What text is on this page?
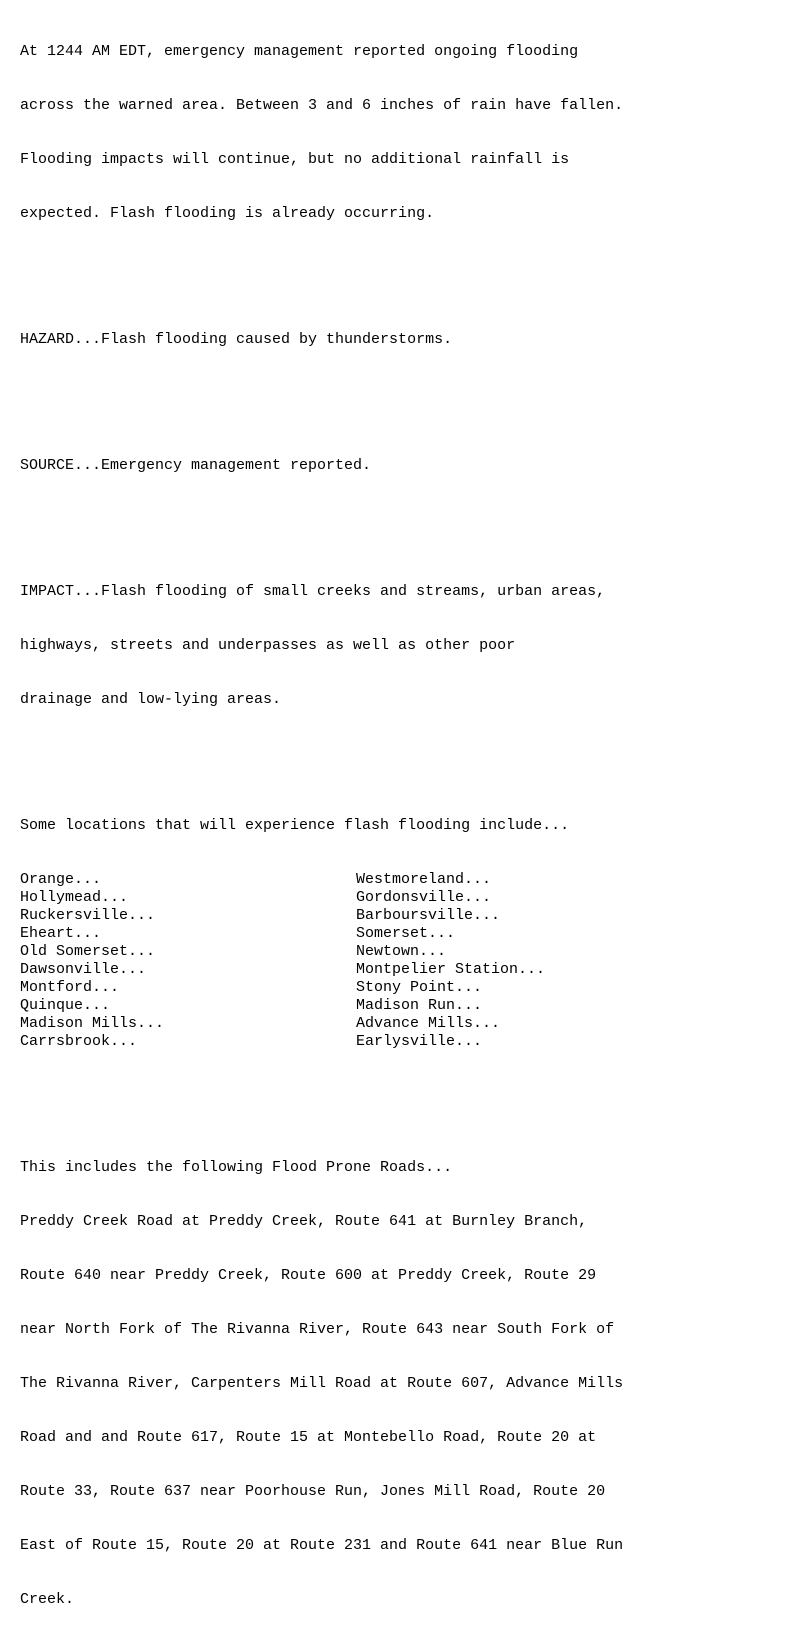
At 1244 AM EDT, emergency management reported ongoing flooding

across the warned area. Between 3 and 6 inches of rain have fallen.

Flooding impacts will continue, but no additional rainfall is

expected. Flash flooding is already occurring.

HAZARD...Flash flooding caused by thunderstorms.

SOURCE...Emergency management reported.

IMPACT...Flash flooding of small creeks and streams, urban areas,

highways, streets and underpasses as well as other poor

drainage and low-lying areas.

Some locations that will experience flash flooding include...

Orange...	Westmoreland...
Hollymead...	Gordonsville...
Ruckersville...	Barboursville...
Eheart...	Somerset...
Old Somerset...	Newtown...
Dawsonville...	Montpelier Station...
Montford...	Stony Point...
Quinque...	Madison Run...
Madison Mills...	Advance Mills...
Carrsbrook...	Earlysville...

This includes the following Flood Prone Roads...

Preddy Creek Road at Preddy Creek, Route 641 at Burnley Branch,

Route 640 near Preddy Creek, Route 600 at Preddy Creek, Route 29

near North Fork of The Rivanna River, Route 643 near South Fork of

The Rivanna River, Carpenters Mill Road at Route 607, Advance Mills

Road and and Route 617, Route 15 at Montebello Road, Route 20 at

Route 33, Route 637 near Poorhouse Run, Jones Mill Road, Route 20

East of Route 15, Route 20 at Route 231 and Route 641 near Blue Run

Creek.
